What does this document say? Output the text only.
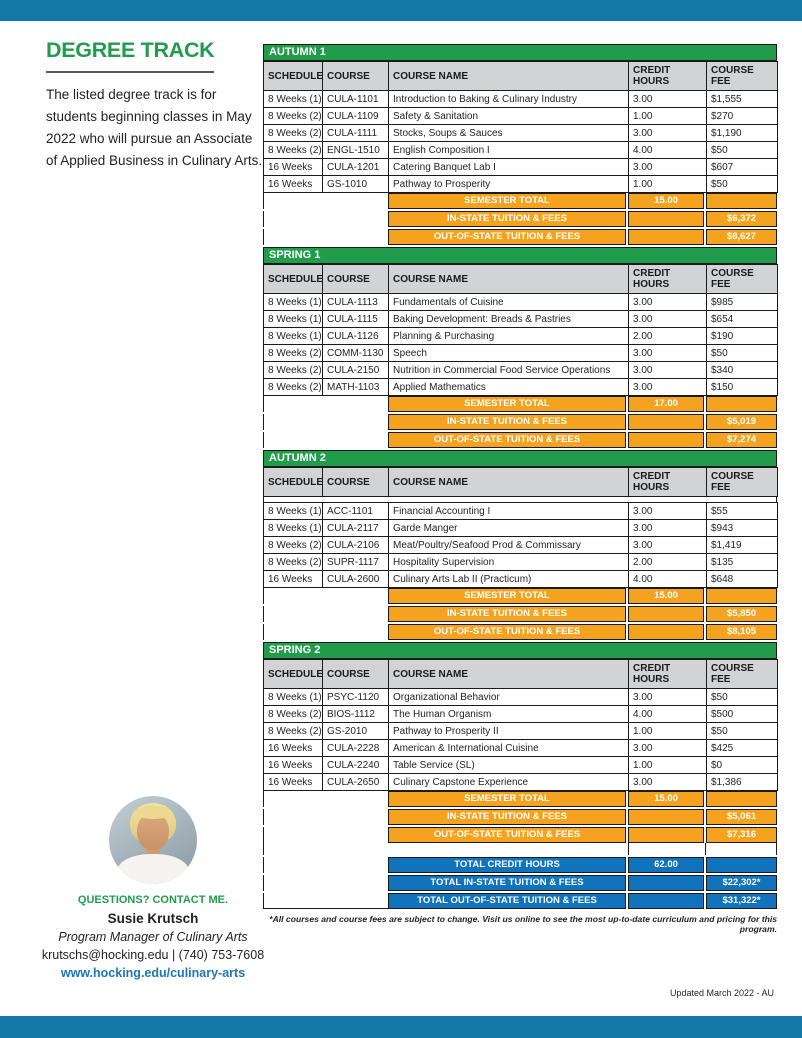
DEGREE TRACK
The listed degree track is for students beginning classes in May 2022 who will pursue an Associate of Applied Business in Culinary Arts.
AUTUMN 1
SCHEDULE	COURSE	COURSE NAME	CREDIT HOURS	COURSE FEE
8 Weeks (1)	CULA-1101	Introduction to Baking & Culinary Industry	3.00	$1,555
8 Weeks (2)	CULA-1109	Safety & Sanitation	1.00	$270
8 Weeks (2)	CULA-1111	Stocks, Soups & Sauces	3.00	$1,190
8 Weeks (2)	ENGL-1510	English Composition I	4.00	$50
16 Weeks	CULA-1201	Catering Banquet Lab I	3.00	$607
16 Weeks	GS-1010	Pathway to Prosperity	1.00	$50
SEMESTER TOTAL	15.00
IN-STATE TUITION & FEES	$6,372
OUT-OF-STATE TUITION & FEES	$8,627
SPRING 1
SCHEDULE	COURSE	COURSE NAME	CREDIT HOURS	COURSE FEE
8 Weeks (1)	CULA-1113	Fundamentals of Cuisine	3.00	$985
8 Weeks (1)	CULA-1115	Baking Development: Breads & Pastries	3.00	$654
8 Weeks (1)	CULA-1126	Planning & Purchasing	2.00	$190
8 Weeks (2)	COMM-1130	Speech	3.00	$50
8 Weeks (2)	CULA-2150	Nutrition in Commercial Food Service Operations	3.00	$340
8 Weeks (2)	MATH-1103	Applied Mathematics	3.00	$150
SEMESTER TOTAL	17.00
IN-STATE TUITION & FEES	$5,019
OUT-OF-STATE TUITION & FEES	$7,274
AUTUMN 2
SCHEDULE	COURSE	COURSE NAME	CREDIT HOURS	COURSE FEE
8 Weeks (1)	ACC-1101	Financial Accounting I	3.00	$55
8 Weeks (1)	CULA-2117	Garde Manger	3.00	$943
8 Weeks (2)	CULA-2106	Meat/Poultry/Seafood Prod & Commissary	3.00	$1,419
8 Weeks (2)	SUPR-1117	Hospitality Supervision	2.00	$135
16 Weeks	CULA-2600	Culinary Arts Lab II (Practicum)	4.00	$648
SEMESTER TOTAL	15.00
IN-STATE TUITION & FEES	$5,850
OUT-OF-STATE TUITION & FEES	$8,105
SPRING 2
SCHEDULE	COURSE	COURSE NAME	CREDIT HOURS	COURSE FEE
8 Weeks (1)	PSYC-1120	Organizational Behavior	3.00	$50
8 Weeks (2)	BIOS-1112	The Human Organism	4.00	$500
8 Weeks (2)	GS-2010	Pathway to Prosperity II	1.00	$50
16 Weeks	CULA-2228	American & International Cuisine	3.00	$425
16 Weeks	CULA-2240	Table Service (SL)	1.00	$0
16 Weeks	CULA-2650	Culinary Capstone Experience	3.00	$1,386
SEMESTER TOTAL	15.00
IN-STATE TUITION & FEES	$5,061
OUT-OF-STATE TUITION & FEES	$7,316
TOTAL CREDIT HOURS	62.00
TOTAL IN-STATE TUITION & FEES	$22,302*
TOTAL OUT-OF-STATE TUITION & FEES	$31,322*
*All courses and course fees are subject to change. Visit us online to see the most up-to-date curriculum and pricing for this program.
QUESTIONS? CONTACT ME.
Susie Krutsch
Program Manager of Culinary Arts
krutschs@hocking.edu | (740) 753-7608
www.hocking.edu/culinary-arts
Updated March 2022 - AU
